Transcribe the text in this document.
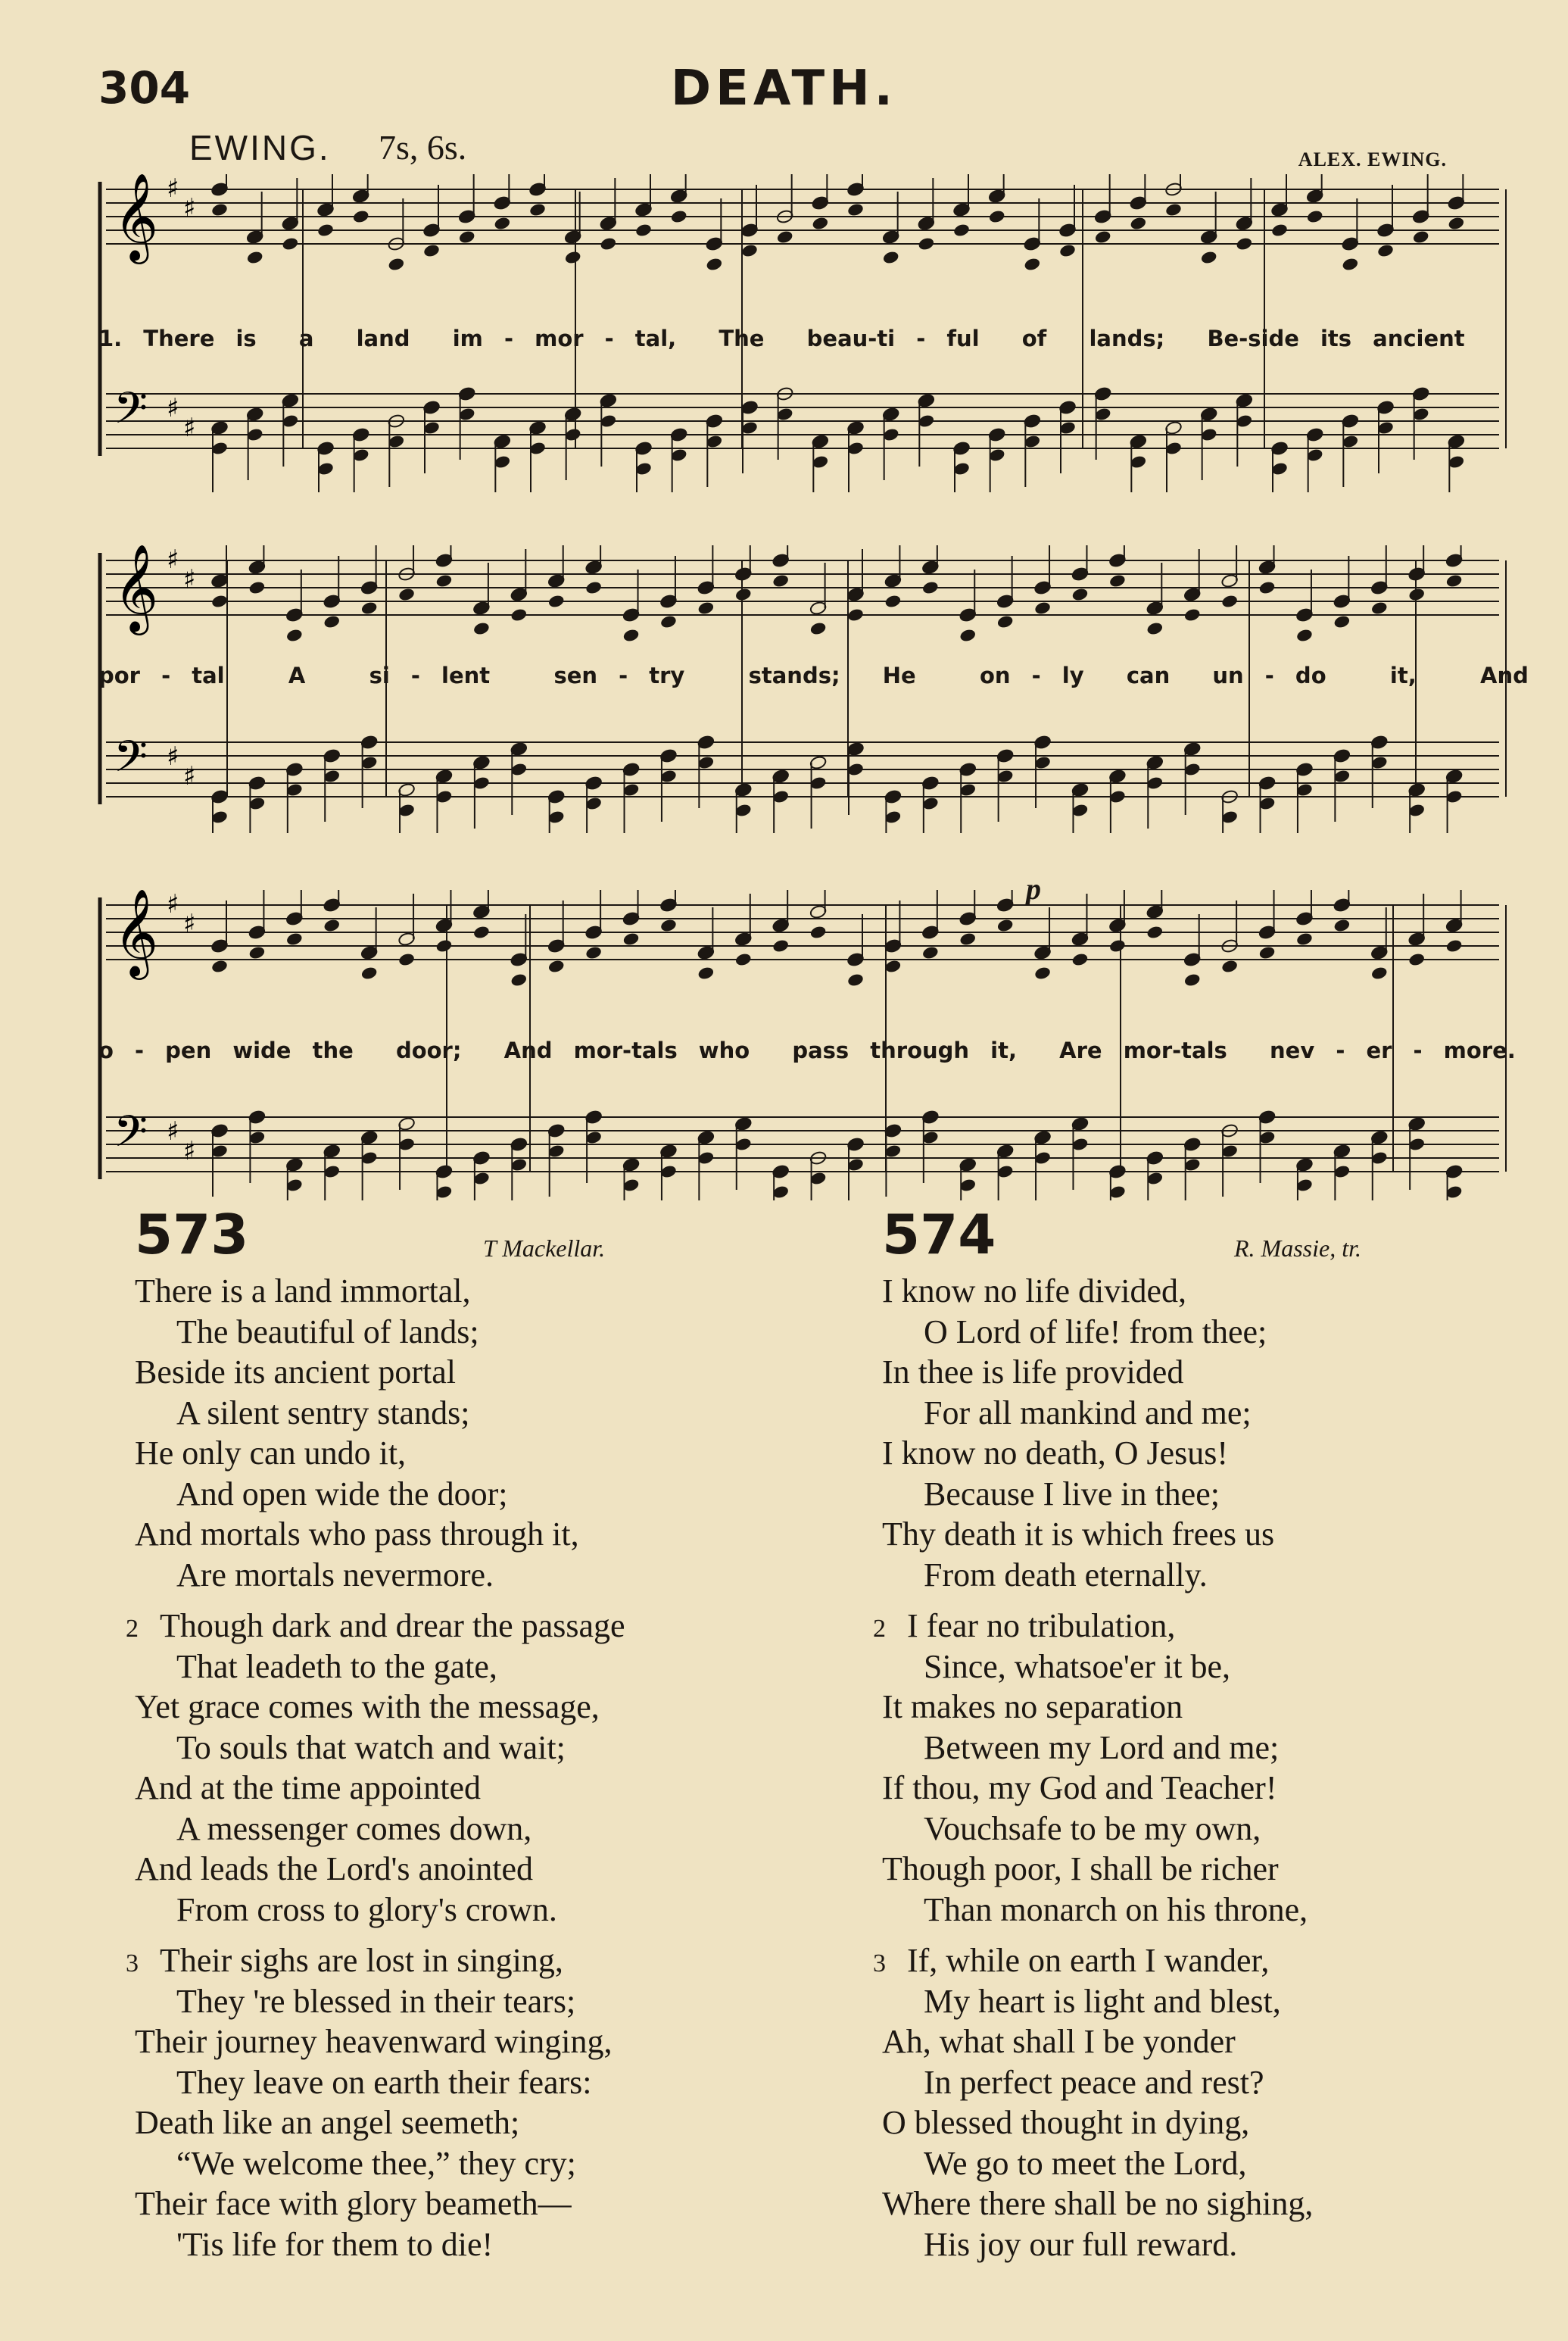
304	DEATH.
EWING. 7s, 6s.	ALEX. EWING.
𝄞 ♯
♯
𝄢 ♯
♯
𝄞 ♯
♯
𝄢 ♯
♯
𝄞 ♯
♯
𝄢 ♯
♯
1. There is  a  land  im - mor - tal,  The  beau-ti - ful  of  lands;  Be-side its ancient
por - tal   A   si - lent   sen - try   stands;  He   on - ly  can  un - do   it,   And
o - pen wide the  door;  And mor-tals who  pass through it,  Are mor-tals  nev - er - more.
p
573	T Mackellar.
There is a land immortal,
The beautiful of lands;
Beside its ancient portal
A silent sentry stands;
He only can undo it,
And open wide the door;
And mortals who pass through it,
Are mortals nevermore.
2 Though dark and drear the passage
That leadeth to the gate,
Yet grace comes with the message,
To souls that watch and wait;
And at the time appointed
A messenger comes down,
And leads the Lord's anointed
From cross to glory's crown.
3 Their sighs are lost in singing,
They 're blessed in their tears;
Their journey heavenward winging,
They leave on earth their fears:
Death like an angel seemeth;
“We welcome thee,” they cry;
Their face with glory beameth—
'Tis life for them to die!
574	R. Massie, tr.
I know no life divided,
O Lord of life! from thee;
In thee is life provided
For all mankind and me;
I know no death, O Jesus!
Because I live in thee;
Thy death it is which frees us
From death eternally.
2 I fear no tribulation,
Since, whatsoe'er it be,
It makes no separation
Between my Lord and me;
If thou, my God and Teacher!
Vouchsafe to be my own,
Though poor, I shall be richer
Than monarch on his throne,
3 If, while on earth I wander,
My heart is light and blest,
Ah, what shall I be yonder
In perfect peace and rest?
O blessed thought in dying,
We go to meet the Lord,
Where there shall be no sighing,
His joy our full reward.
